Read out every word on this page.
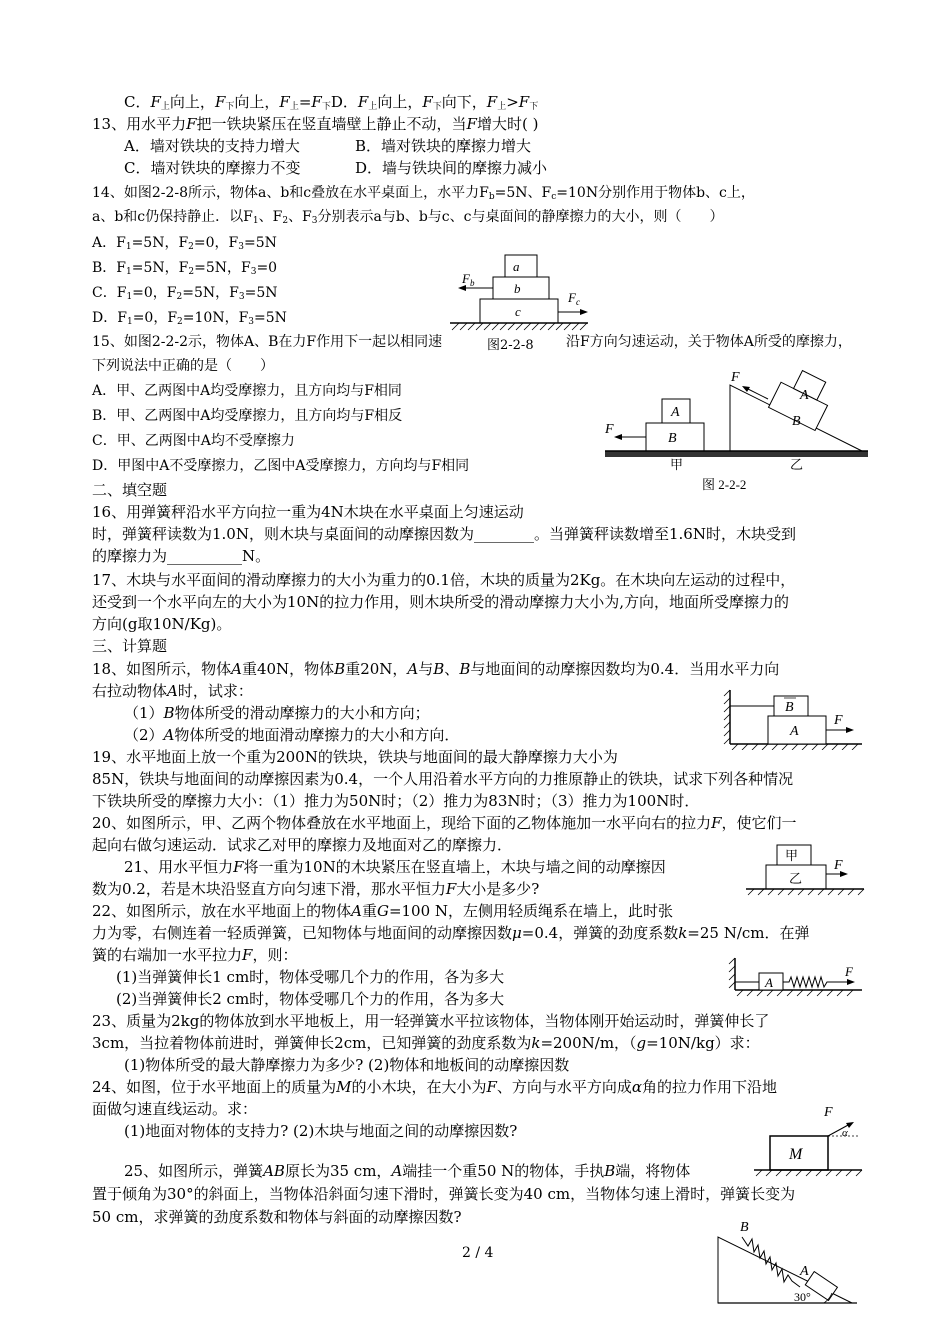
C．$F_上$向上，$F_下$向上，$F_上=F_下D$．$F_上$向上，$F_下$向下，$F_上>F_下$
13、用水平力F把一铁块紧压在竖直墙壁上静止不动，当F增大时( )
A．墙对铁块的支持力增大	B．墙对铁块的摩擦力增大
C．墙对铁块的摩擦力不变	D．墙与铁块间的摩擦力减小
14、如图2-2-8所示，物体a、b和c叠放在水平桌面上，水平力$F_b=5N$、$F_c=10N$分别作用于物体b、c上，
a、b和c仍保持静止．以$F_1$、$F_2$、$F_3$分别表示a与b、b与c、c与桌面间的静摩擦力的大小，则（　　）
A．$F_1=5N$，$F_2=0$，$F_3=5N$
B．$F_1=5N$，$F_2=5N$，$F_3=0$
C．$F_1=0$，$F_2=5N$，$F_3=5N$
D．$F_1=0$，$F_2=10N$，$F_3=5N$
a
b
c
$F_b$
$F_c$
15、如图2-2-2示，物体A、B在力F作用下一起以相同速	图2-2-8 沿F方向匀速运动，关于物体A所受的摩擦力，
下列说法中正确的是（　　）
A．甲、乙两图中A均受摩擦力，且方向均与F相同
B．甲、乙两图中A均受摩擦力，且方向均与F相反
C．甲、乙两图中A均不受摩擦力
D．甲图中A不受摩擦力，乙图中A受摩擦力，方向均与F相同
A
B
F
甲
B
A
F
乙
图 2-2-2
二、填空题
16、用弹簧秤沿水平方向拉一重为4N木块在水平桌面上匀速运动
时，弹簧秤读数为1.0N，则木块与桌面间的动摩擦因数为________。当弹簧秤读数增至1.6N时，木块受到
的摩擦力为__________N。
17、木块与水平面间的滑动摩擦力的大小为重力的0.1倍，木块的质量为2Kg。在木块向左运动的过程中，
还受到一个水平向左的大小为10N的拉力作用，则木块所受的滑动摩擦力大小为,方向，地面所受摩擦力的
方向(g取10N/Kg)。
三、计算题
18、如图所示，物体A重40N，物体B重20N，A与B、B与地面间的动摩擦因数均为0.4．当用水平力向
右拉动物体A时，试求：
（1）B物体所受的滑动摩擦力的大小和方向；
（2）A物体所受的地面滑动摩擦力的大小和方向．
B
A
F
19、水平地面上放一个重为200N的铁块，铁块与地面间的最大静摩擦力大小为
85N，铁块与地面间的动摩擦因素为0.4，一个人用沿着水平方向的力推原静止的铁块，试求下列各种情况
下铁块所受的摩擦力大小：（1）推力为50N时；（2）推力为83N时；（3）推力为100N时．
20、如图所示，甲、乙两个物体叠放在水平地面上，现给下面的乙物体施加一水平向右的拉力F，使它们一
起向右做匀速运动．试求乙对甲的摩擦力及地面对乙的摩擦力．
甲
乙
F
21、用水平恒力F将一重为10N的木块紧压在竖直墙上，木块与墙之间的动摩擦因
数为0.2，若是木块沿竖直方向匀速下滑，那水平恒力F大小是多少?
22、如图所示，放在水平地面上的物体A重G=100 N，左侧用轻质绳系在墙上，此时张
力为零，右侧连着一轻质弹簧，已知物体与地面间的动摩擦因数μ=0.4，弹簧的劲度系数k=25 N/cm．在弹
簧的右端加一水平拉力F，则：
(1)当弹簧伸长1 cm时，物体受哪几个力的作用，各为多大
(2)当弹簧伸长2 cm时，物体受哪几个力的作用，各为多大
A
F
23、质量为2kg的物体放到水平地板上，用一轻弹簧水平拉该物体，当物体刚开始运动时，弹簧伸长了
3cm，当拉着物体前进时，弹簧伸长2cm，已知弹簧的劲度系数为k=200N/m，（g=10N/kg）求：
(1)物体所受的最大静摩擦力为多少? (2)物体和地板间的动摩擦因数
24、如图，位于水平地面上的质量为M的小木块，在大小为F、方向与水平方向成α角的拉力作用下沿地
面做匀速直线运动。求：
(1)地面对物体的支持力? (2)木块与地面之间的动摩擦因数?
M
F
α
25、如图所示，弹簧AB原长为35 cm，A端挂一个重50 N的物体，手执B端，将物体
置于倾角为30°的斜面上，当物体沿斜面匀速下滑时，弹簧长变为40 cm，当物体匀速上滑时，弹簧长变为
50 cm，求弹簧的劲度系数和物体与斜面的动摩擦因数?
B
A
30°
2 / 4
